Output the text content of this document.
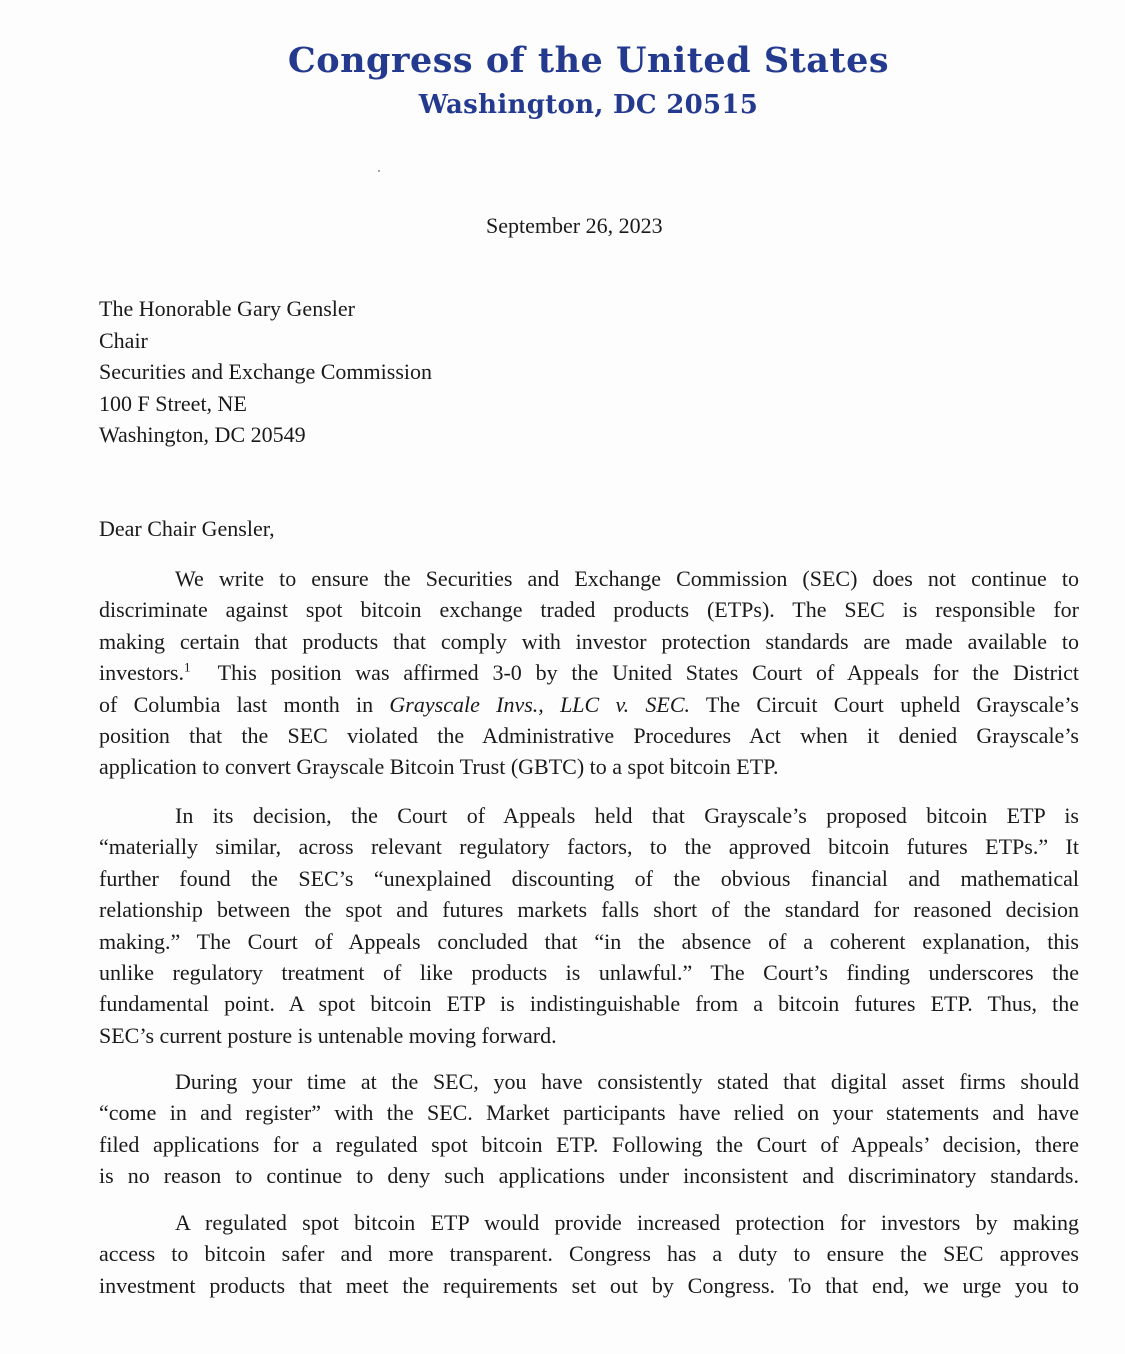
Congress of the United States
Washington, DC 20515
September 26, 2023
The Honorable Gary Gensler
Chair
Securities and Exchange Commission
100 F Street, NE
Washington, DC 20549
Dear Chair Gensler,
We write to ensure the Securities and Exchange Commission (SEC) does not continue to
discriminate against spot bitcoin exchange traded products (ETPs). The SEC is responsible for
making certain that products that comply with investor protection standards are made available to
investors.$^1$  This position was affirmed 3-0 by the United States Court of Appeals for the District
of Columbia last month in Grayscale Invs., LLC v. SEC. The Circuit Court upheld Grayscale’s
position that the SEC violated the Administrative Procedures Act when it denied Grayscale’s
application to convert Grayscale Bitcoin Trust (GBTC) to a spot bitcoin ETP.
In its decision, the Court of Appeals held that Grayscale’s proposed bitcoin ETP is
“materially similar, across relevant regulatory factors, to the approved bitcoin futures ETPs.” It
further found the SEC’s “unexplained discounting of the obvious financial and mathematical
relationship between the spot and futures markets falls short of the standard for reasoned decision
making.” The Court of Appeals concluded that “in the absence of a coherent explanation, this
unlike regulatory treatment of like products is unlawful.” The Court’s finding underscores the
fundamental point. A spot bitcoin ETP is indistinguishable from a bitcoin futures ETP. Thus, the
SEC’s current posture is untenable moving forward.
During your time at the SEC, you have consistently stated that digital asset firms should
“come in and register” with the SEC. Market participants have relied on your statements and have
filed applications for a regulated spot bitcoin ETP. Following the Court of Appeals’ decision, there
is no reason to continue to deny such applications under inconsistent and discriminatory standards.
A regulated spot bitcoin ETP would provide increased protection for investors by making
access to bitcoin safer and more transparent. Congress has a duty to ensure the SEC approves
investment products that meet the requirements set out by Congress. To that end, we urge you to
